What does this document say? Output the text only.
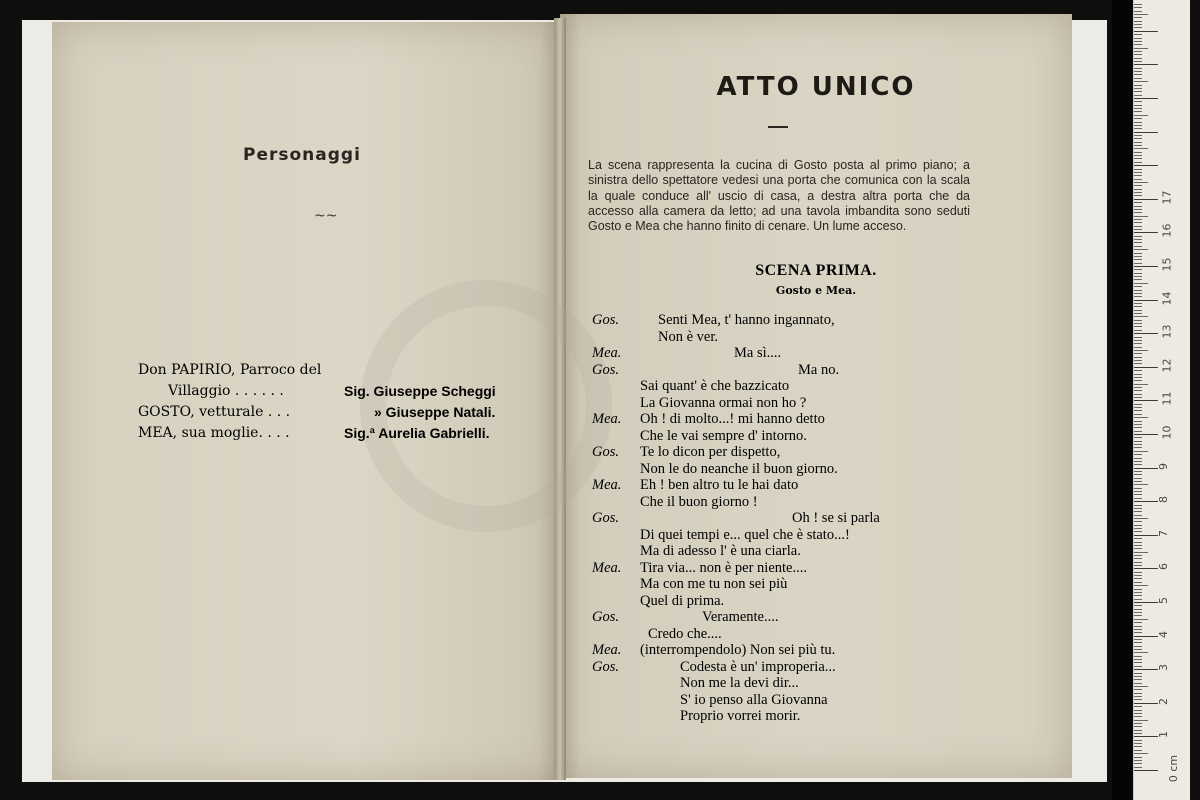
Personaggi
~~
Don PAPIRIO, Parroco del
Villaggio . . . . . .	Sig. Giuseppe Scheggi
GOSTO, vetturale . . .	» Giuseppe Natali.
MEA, sua moglie. . . .	Sig.ª Aurelia Gabrielli.
ATTO UNICO

La scena rappresenta la cucina di Gosto posta al primo piano; a sinistra dello spettatore vedesi una porta che comunica con la scala la quale conduce all' uscio di casa, a destra altra porta che da accesso alla camera da letto; ad una tavola imbandita sono seduti Gosto e Mea che hanno finito di cenare. Un lume acceso.

SCENA PRIMA.
Gosto e Mea.
Gos.	Senti Mea, t' hanno ingannato,
Non è ver.
Mea.	Ma sì....
Gos.	Ma no.
Sai quant' è che bazzicato
La Giovanna ormai non ho ?
Mea. Oh ! di molto...! mi hanno detto
Che le vai sempre d' intorno.
Gos. Te lo dicon per dispetto,
Non le do neanche il buon giorno.
Mea. Eh ! ben altro tu le hai dato
Che il buon giorno !
Gos.	Oh ! se si parla
Di quei tempi e... quel che è stato...!
Ma di adesso l' è una ciarla.
Mea. Tira via... non è per niente....
Ma con me tu non sei più
Quel di prima.
Gos.	Veramente....
Credo che....
Mea. (interrompendolo) Non sei più tu.
Gos.	Codesta è un' improperia...
Non me la devi dir...
S' io penso alla Giovanna
Proprio vorrei morir.
0 cm
1
2
3
4
5
6
7
8
9
10
11
12
13
14
15
16
17
